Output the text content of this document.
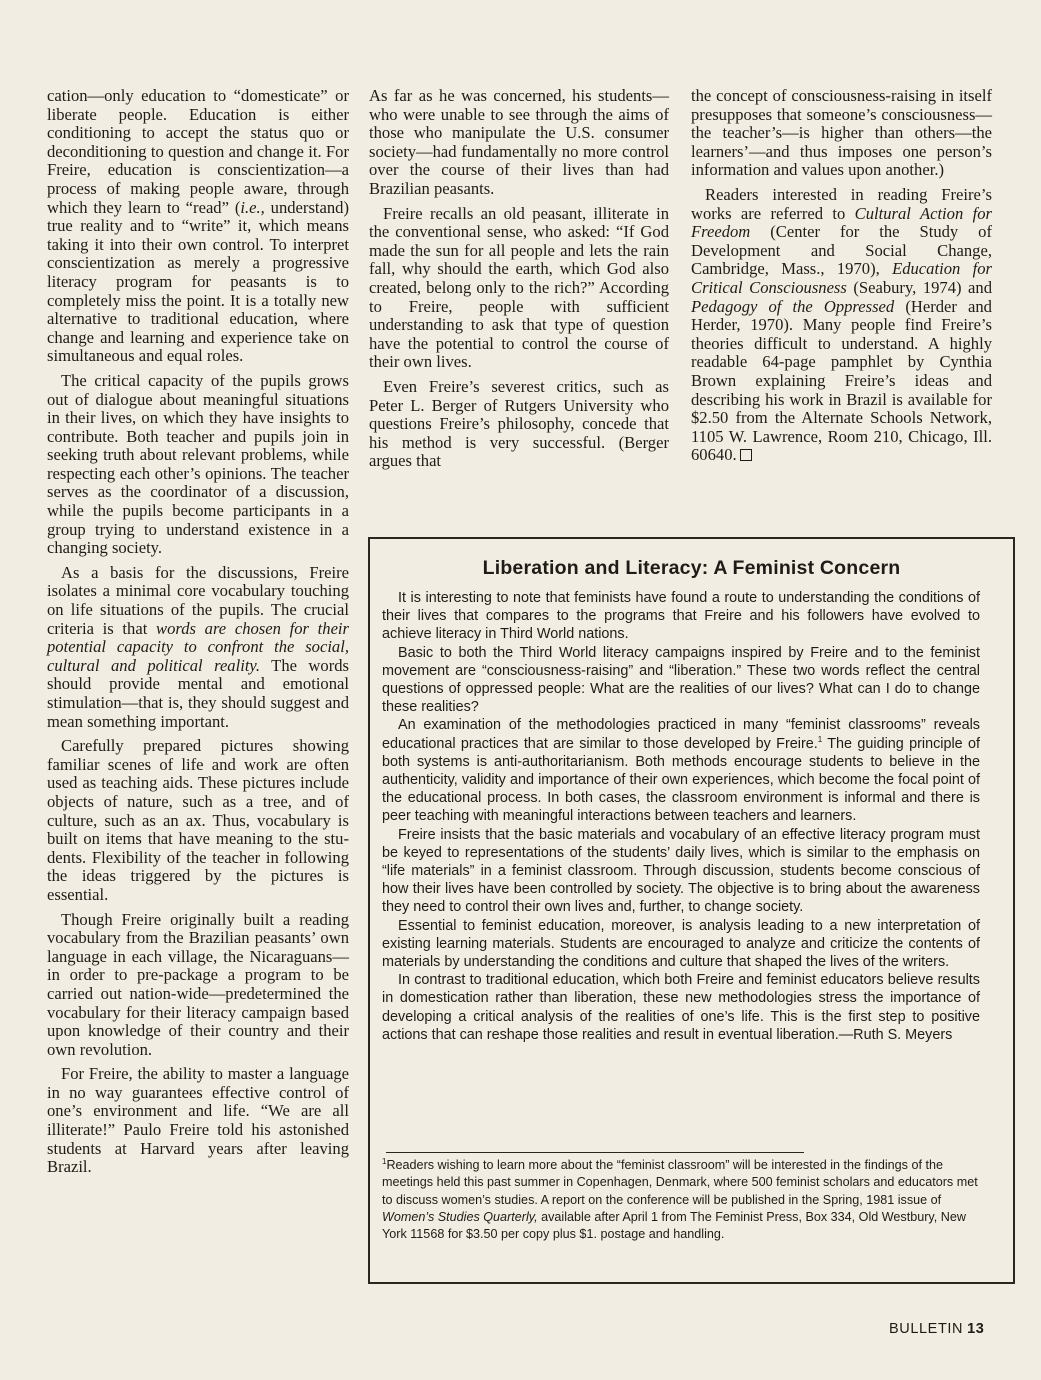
cation—only education to “domesticate” or liberate people. Education is either conditioning to accept the status quo or deconditioning to question and change it. For Freire, education is conscientization—a process of making people aware, through which they learn to “read” (i.e., understand) true reality and to “write” it, which means taking it into their own control. To interpret conscientization as merely a progressive literacy program for peasants is to completely miss the point. It is a totally new alternative to traditional education, where change and learning and experience take on simultaneous and equal roles.

The critical capacity of the pupils grows out of dialogue about meaningful situations in their lives, on which they have insights to contribute. Both teacher and pupils join in seeking truth about relevant problems, while respecting each other’s opinions. The teacher serves as the coordinator of a discussion, while the pupils become participants in a group trying to understand existence in a changing society.

As a basis for the discussions, Freire isolates a minimal core vocabulary touching on life situations of the pupils. The crucial criteria is that words are chosen for their potential capacity to confront the social, cultural and political reality. The words should provide mental and emotional stimulation—that is, they should suggest and mean something important.

Carefully prepared pictures showing familiar scenes of life and work are often used as teaching aids. These pictures include objects of nature, such as a tree, and of culture, such as an ax. Thus, vocabulary is built on items that have meaning to the students. Flexibility of the teacher in following the ideas triggered by the pictures is essential.

Though Freire originally built a reading vocabulary from the Brazilian peasants’ own language in each village, the Nicaraguans—in order to pre-package a program to be carried out nation-wide—predetermined the vocabulary for their literacy campaign based upon knowledge of their country and their own revolution.

For Freire, the ability to master a language in no way guarantees effective control of one’s environment and life. “We are all illiterate!” Paulo Freire told his astonished students at Harvard years after leaving Brazil.

As far as he was concerned, his students—who were unable to see through the aims of those who manipulate the U.S. consumer society—had fundamentally no more control over the course of their lives than had Brazilian peasants.

Freire recalls an old peasant, illiterate in the conventional sense, who asked: “If God made the sun for all people and lets the rain fall, why should the earth, which God also created, belong only to the rich?” According to Freire, people with sufficient understanding to ask that type of question have the potential to control the course of their own lives.

Even Freire’s severest critics, such as Peter L. Berger of Rutgers University who questions Freire’s philosophy, concede that his method is very successful. (Berger argues that

the concept of consciousness-raising in itself presupposes that someone’s consciousness—the teacher’s—is higher than others—the learners’—and thus imposes one person’s information and values upon another.)

Readers interested in reading Freire’s works are referred to Cultural Action for Freedom (Center for the Study of Development and Social Change, Cambridge, Mass., 1970), Education for Critical Consciousness (Seabury, 1974) and Pedagogy of the Oppressed (Herder and Herder, 1970). Many people find Freire’s theories difficult to understand. A highly readable 64-page pamphlet by Cynthia Brown explaining Freire’s ideas and describing his work in Brazil is available for $2.50 from the Alternate Schools Network, 1105 W. Lawrence, Room 210, Chicago, Ill. 60640.

Liberation and Literacy: A Feminist Concern

It is interesting to note that feminists have found a route to understanding the conditions of their lives that compares to the programs that Freire and his followers have evolved to achieve literacy in Third World nations.

Basic to both the Third World literacy campaigns inspired by Freire and to the feminist movement are “consciousness-raising” and “liberation.” These two words reflect the central questions of oppressed people: What are the realities of our lives? What can I do to change these realities?

An examination of the methodologies practiced in many “feminist classrooms” reveals educational practices that are similar to those developed by Freire.$^1$ The guiding principle of both systems is anti-authoritarianism. Both methods encourage students to believe in the authenticity, validity and importance of their own experiences, which become the focal point of the educational process. In both cases, the classroom environment is informal and there is peer teaching with meaningful interactions between teachers and learners.

Freire insists that the basic materials and vocabulary of an effective literacy program must be keyed to representations of the students’ daily lives, which is similar to the emphasis on “life materials” in a feminist classroom. Through discussion, students become conscious of how their lives have been controlled by society. The objective is to bring about the awareness they need to control their own lives and, further, to change society.

Essential to feminist education, moreover, is analysis leading to a new interpretation of existing learning materials. Students are encouraged to analyze and criticize the contents of materials by understanding the conditions and culture that shaped the lives of the writers.

In contrast to traditional education, which both Freire and feminist educators believe results in domestication rather than liberation, these new methodologies stress the importance of developing a critical analysis of the realities of one’s life. This is the first step to positive actions that can reshape those realities and result in eventual liberation.—Ruth S. Meyers

$^1$Readers wishing to learn more about the “feminist classroom” will be interested in the findings of the meetings held this past summer in Copenhagen, Denmark, where 500 feminist scholars and educators met to discuss women’s studies. A report on the conference will be published in the Spring, 1981 issue of Women’s Studies Quarterly, available after April 1 from The Feminist Press, Box 334, Old Westbury, New York 11568 for $3.50 per copy plus $1. postage and handling.
BULLETIN 13
